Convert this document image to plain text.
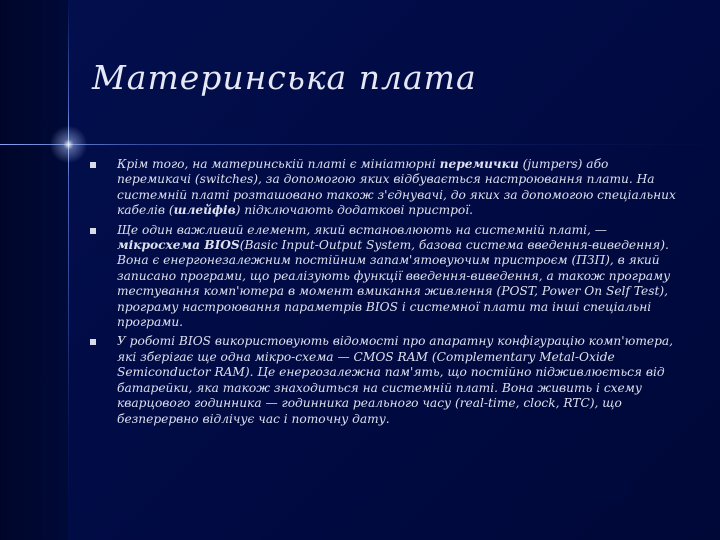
Материнська плата
Крім того, на материнській платі є мініатюрні перемички (jumpers) або перемикачі (switches), за допомогою яких відбувається настроювання плати. На системній платі розташовано також з'єднувачі, до яких за допомогою спеціальних кабелів (шлейфів) підключають додаткові пристрої.
Ще один важливий елемент, який встановлюють на системній платі, — мікросхема BIOS(Basic Input-Output System, базова система введення-виведення). Вона є енергонезалежним постійним запам'ятовуючим пристроєм (ПЗП), в який записано програми, що реалізують функції введення-виведення, а також програму тестування комп'ютера в момент вмикання живлення (POST, Power On Self Test), програму настроювання параметрів BIOS і системної плати та інші спеціальні програми.
У роботі BIOS використовують відомості про апаратну конфігурацію комп'ютера, які зберігає ще одна мікро-схема — CMOS RAM (Complementary Metal-Oxide Semiconductor RAM). Це енергозалежна пам'ять, що постійно підживлюється від батарейки, яка також знаходиться на системній платі. Вона живить і схему кварцового годинника — годинника реального часу (real-time, clock, RTC), що безперервно відлічує час і поточну дату.
